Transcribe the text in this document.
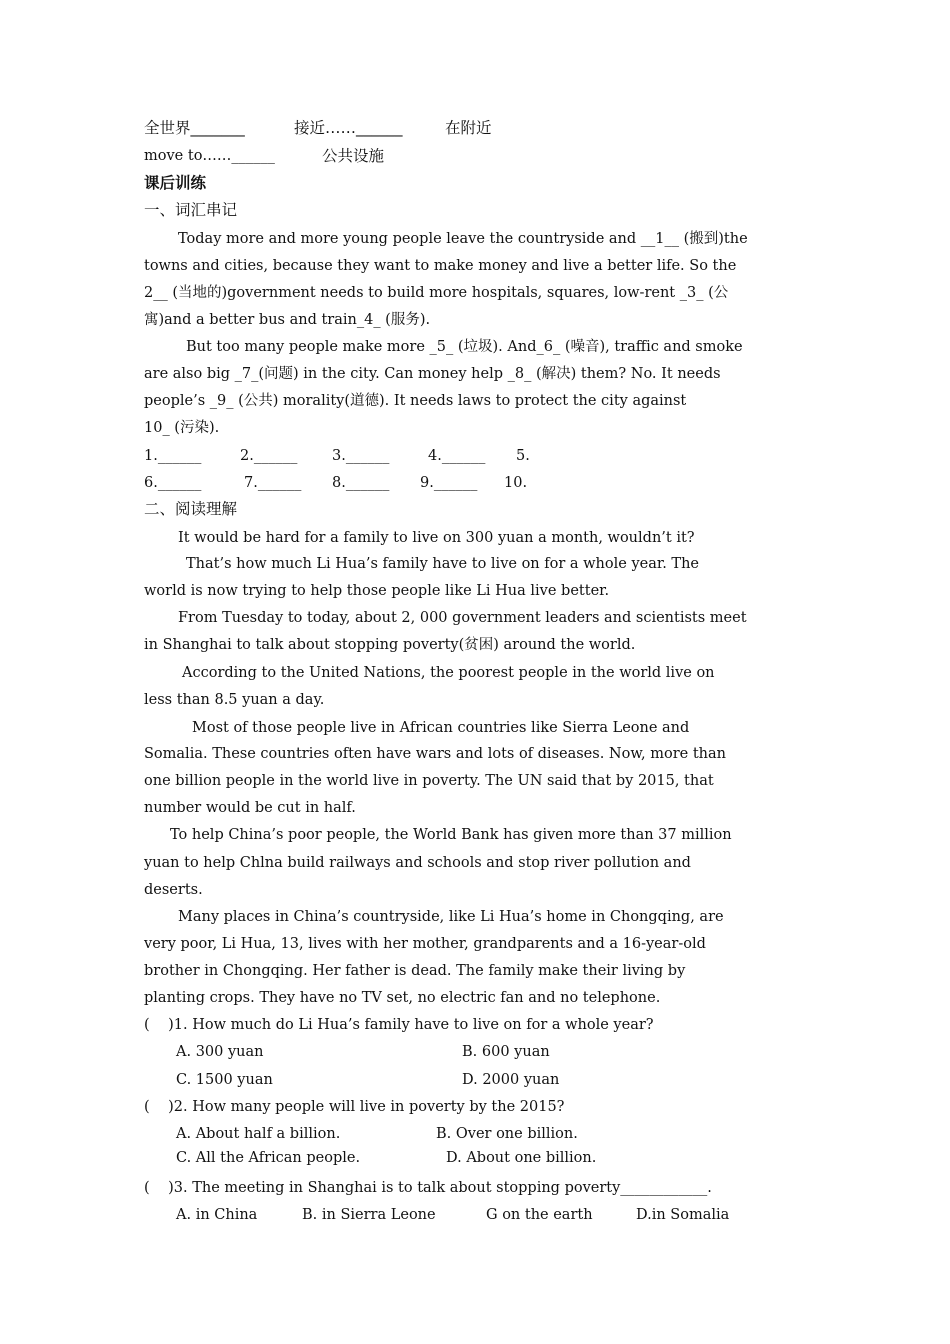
全世界_______	接近……______	在附近
move to……______	公共设施
课后训练
一、词汇串记
Today more and more young people leave the countryside and __1__ (搬到)the
towns and cities, because they want to make money and live a better life. So the
2__ (当地的)government needs to build more hospitals, squares, low-rent _3_ (公
寓)and a better bus and train_4_ (服务).
But too many people make more _5_ (垃圾). And_6_ (噪音), traffic and smoke
are also big _7_(问题) in the city. Can money help _8_ (解决) them? No. It needs
people’s _9_ (公共) morality(道德). It needs laws to protect the city against
10_ (污染).
1.______	2.______ 3.______	4.______ 5.
6.______	7.______ 8.______ 9.______ 10.
二、阅读理解
It would be hard for a family to live on 300 yuan a month, wouldn’t it?
That’s how much Li Hua’s family have to live on for a whole year. The
world is now trying to help those people like Li Hua live better.
From Tuesday to today, about 2, 000 government leaders and scientists meet
in Shanghai to talk about stopping poverty(贫困) around the world.
According to the United Nations, the poorest people in the world live on
less than 8.5 yuan a day.
Most of those people live in African countries like Sierra Leone and
Somalia. These countries often have wars and lots of diseases. Now, more than
one billion people in the world live in poverty. The UN said that by 2015, that
number would be cut in half.
To help China’s poor people, the World Bank has given more than 37 million
yuan to help Chlna build railways and schools and stop river pollution and
deserts.
Many places in China’s countryside, like Li Hua’s home in Chongqing, are
very poor, Li Hua, 13, lives with her mother, grandparents and a 16-year-old
brother in Chongqing. Her father is dead. The family make their living by
planting crops. They have no TV set, no electric fan and no telephone.
(    )1. How much do Li Hua’s family have to live on for a whole year?
A. 300 yuan	B. 600 yuan
C. 1500 yuan	D. 2000 yuan
(    )2. How many people will live in poverty by the 2015?
A. About half a billion.	B. Over one billion.
C. All the African people.	D. About one billion.
(    )3. The meeting in Shanghai is to talk about stopping poverty____________.
A. in China	B. in Sierra Leone	G on the earth	D.in Somalia
